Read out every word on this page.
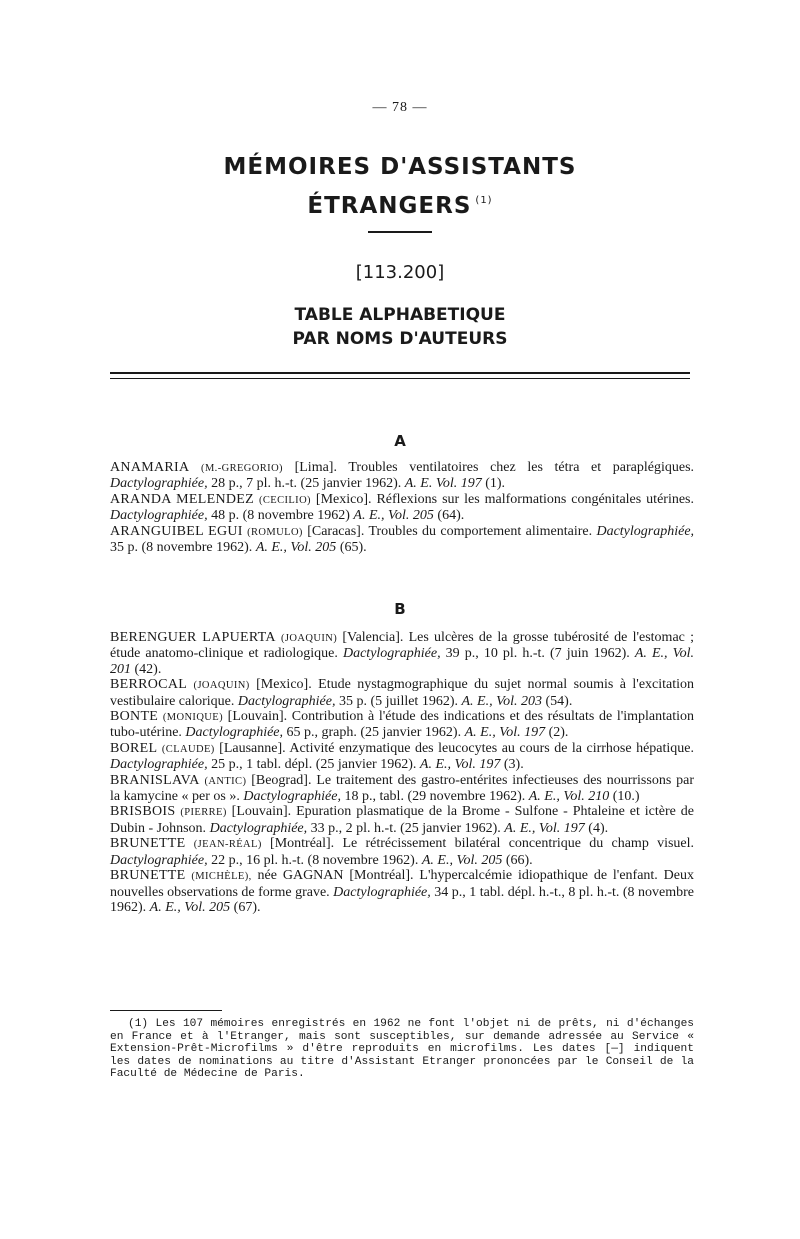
— 78 —
MÉMOIRES D'ASSISTANTS
ÉTRANGERS $^{(1)}$
[113.200]
TABLE ALPHABETIQUE
PAR NOMS D'AUTEURS
A

ANAMARIA (M.-GREGORIO) [Lima]. Troubles ventilatoires chez les tétra et paraplégiques. Dactylographiée, 28 p., 7 pl. h.-t. (25 janvier 1962). A. E. Vol. 197 (1).

ARANDA MELENDEZ (CECILIO) [Mexico]. Réflexions sur les malformations congénitales utérines. Dactylographiée, 48 p. (8 novembre 1962) A. E., Vol. 205 (64).

ARANGUIBEL EGUI (ROMULO) [Caracas]. Troubles du comportement alimentaire. Dactylographiée, 35 p. (8 novembre 1962). A. E., Vol. 205 (65).

B

BERENGUER LAPUERTA (JOAQUIN) [Valencia]. Les ulcères de la grosse tubérosité de l'estomac ; étude anatomo-clinique et radiologique. Dactylographiée, 39 p., 10 pl. h.-t. (7 juin 1962). A. E., Vol. 201 (42).

BERROCAL (JOAQUIN) [Mexico]. Etude nystagmographique du sujet normal soumis à l'excitation vestibulaire calorique. Dactylographiée, 35 p. (5 juillet 1962). A. E., Vol. 203 (54).

BONTE (MONIQUE) [Louvain]. Contribution à l'étude des indications et des résultats de l'implantation tubo-utérine. Dactylographiée, 65 p., graph. (25 janvier 1962). A. E., Vol. 197 (2).

BOREL (CLAUDE) [Lausanne]. Activité enzymatique des leucocytes au cours de la cirrhose hépatique. Dactylographiée, 25 p., 1 tabl. dépl. (25 janvier 1962). A. E., Vol. 197 (3).

BRANISLAVA (ANTIC) [Beograd]. Le traitement des gastro-entérites infectieuses des nourrissons par la kamycine « per os ». Dactylographiée, 18 p., tabl. (29 novembre 1962). A. E., Vol. 210 (10.)

BRISBOIS (PIERRE) [Louvain]. Epuration plasmatique de la Brome - Sulfone - Phtaleine et ictère de Dubin - Johnson. Dactylographiée, 33 p., 2 pl. h.-t. (25 janvier 1962). A. E., Vol. 197 (4).

BRUNETTE (JEAN-RÉAL) [Montréal]. Le rétrécissement bilatéral concentrique du champ visuel. Dactylographiée, 22 p., 16 pl. h.-t. (8 novembre 1962). A. E., Vol. 205 (66).

BRUNETTE (MICHÈLE), née GAGNAN [Montréal]. L'hypercalcémie idiopathique de l'enfant. Deux nouvelles observations de forme grave. Dactylographiée, 34 p., 1 tabl. dépl. h.-t., 8 pl. h.-t. (8 novembre 1962). A. E., Vol. 205 (67).

(1) Les 107 mémoires enregistrés en 1962 ne font l'objet ni de prêts, ni d'échanges en France et à l'Etranger, mais sont susceptibles, sur demande adressée au Service « Extension-Prêt-Microfilms » d'être reproduits en microfilms. Les dates [—] indiquent les dates de nominations au titre d'Assistant Etranger prononcées par le Conseil de la Faculté de Médecine de Paris.
